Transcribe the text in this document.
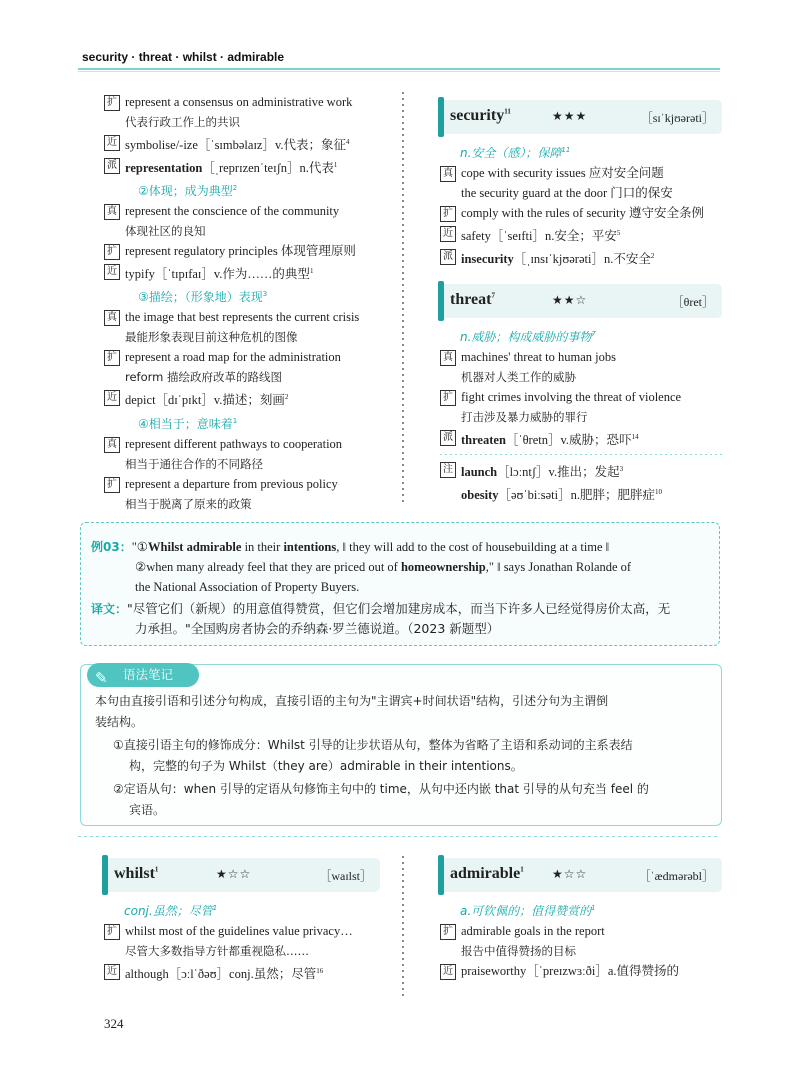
security · threat · whilst · admirable
扩 represent a consensus on administrative work
代表行政工作上的共识
近 symbolise/-ize［ˈsɪmbəlaɪz］v.代表；象征$^4$
派 representation［ˌreprɪzenˈteɪʃn］n.代表$^1$
②体现；成为典型$^2$
真 represent the conscience of the community
体现社区的良知
扩 represent regulatory principles 体现管理原则
近 typify［ˈtɪpɪfaɪ］v.作为……的典型$^1$
③描绘；（形象地）表现$^3$
真 the image that best represents the current crisis
最能形象表现目前这种危机的图像
扩 represent a road map for the administration
reform 描绘政府改革的路线图
近 depict［dɪˈpɪkt］v.描述；刻画$^2$
④相当于；意味着$^1$
真 represent different pathways to cooperation
相当于通往合作的不同路径
扩 represent a departure from previous policy
相当于脱离了原来的政策
security$^{11}$	★★★	［sɪˈkjʊərəti］
n.安全（感）；保障$^{11}$
真 cope with security issues 应对安全问题
the security guard at the door 门口的保安
扩 comply with the rules of security 遵守安全条例
近 safety［ˈseɪfti］n.安全；平安$^5$
派 insecurity［ˌɪnsɪˈkjʊərəti］n.不安全$^2$
threat$^7$	★★☆	［θret］
n.威胁；构成威胁的事物$^7$
真 machines' threat to human jobs
机器对人类工作的威胁
扩 fight crimes involving the threat of violence
打击涉及暴力威胁的罪行
派 threaten［ˈθretn］v.威胁；恐吓$^{14}$
注 launch［lɔːntʃ］v.推出；发起$^3$
obesity［əʊˈbiːsəti］n.肥胖；肥胖症$^{10}$
例03："①Whilst admirable in their intentions, ‖ they will add to the cost of housebuilding at a time ‖
②when many already feel that they are priced out of homeownership," ‖ says Jonathan Rolande of
the National Association of Property Buyers.
译文："尽管它们（新规）的用意值得赞赏，但它们会增加建房成本，而当下许多人已经觉得房价太高，无
力承担。"全国购房者协会的乔纳森·罗兰德说道。（2023 新题型）
✎ 语法笔记

本句由直接引语和引述分句构成，直接引语的主句为"主谓宾+时间状语"结构，引述分句为主谓倒

装结构。

①直接引语主句的修饰成分：Whilst 引导的让步状语从句，整体为省略了主语和系动词的主系表结

构，完整的句子为 Whilst（they are）admirable in their intentions。

②定语从句：when 引导的定语从句修饰主句中的 time，从句中还内嵌 that 引导的从句充当 feel 的

宾语。

whilst$^1$	★☆☆	［waɪlst］
conj.虽然；尽管$^1$
扩 whilst most of the guidelines value privacy…
尽管大多数指导方针都重视隐私……
近 although［ɔːlˈðəʊ］conj.虽然；尽管$^{16}$
admirable$^1$ ★☆☆	［ˈædmərəbl］
a.可钦佩的；值得赞赏的$^1$
扩 admirable goals in the report
报告中值得赞扬的目标
近 praiseworthy［ˈpreɪzwɜːði］a.值得赞扬的
324
